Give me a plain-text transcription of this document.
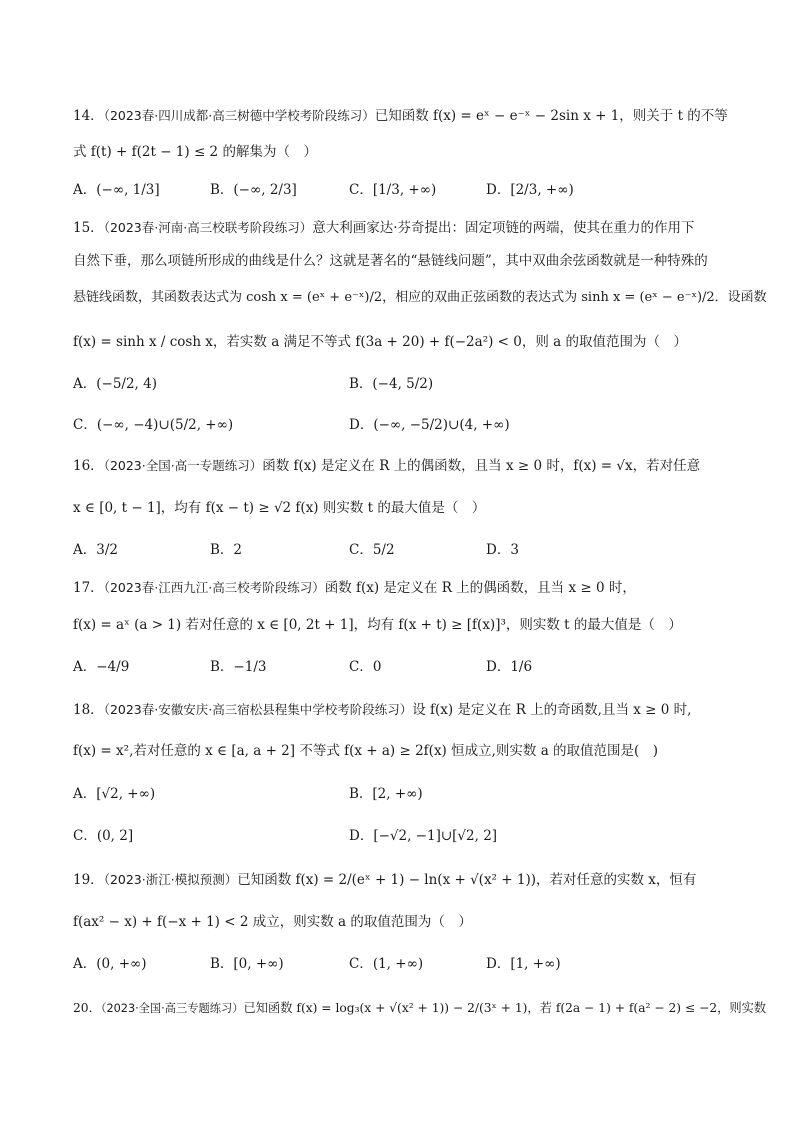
14．（2023春·四川成都·高三树德中学校考阶段练习）已知函数 f(x) = eˣ − e⁻ˣ − 2sin x + 1，则关于 t 的不等
式 f(t) + f(2t − 1) ≤ 2 的解集为（　）
A．(−∞, 1/3]	B．(−∞, 2/3]	C．[1/3, +∞)	D．[2/3, +∞)
15．（2023春·河南·高三校联考阶段练习）意大利画家达·芬奇提出：固定项链的两端，使其在重力的作用下
自然下垂，那么项链所形成的曲线是什么？这就是著名的“悬链线问题”，其中双曲余弦函数就是一种特殊的
悬链线函数，其函数表达式为 cosh x = (eˣ + e⁻ˣ)/2，相应的双曲正弦函数的表达式为 sinh x = (eˣ − e⁻ˣ)/2．设函数
f(x) = sinh x / cosh x，若实数 a 满足不等式 f(3a + 20) + f(−2a²) < 0，则 a 的取值范围为（　）
A．(−5/2, 4)	B．(−4, 5/2)
C．(−∞, −4)∪(5/2, +∞)	D．(−∞, −5/2)∪(4, +∞)
16．（2023·全国·高一专题练习）函数 f(x) 是定义在 R 上的偶函数，且当 x ≥ 0 时，f(x) = √x，若对任意
x ∈ [0, t − 1]，均有 f(x − t) ≥ √2 f(x) 则实数 t 的最大值是（　）
A．3/2	B．2	C．5/2	D．3
17．（2023春·江西九江·高三校考阶段练习）函数 f(x) 是定义在 R 上的偶函数，且当 x ≥ 0 时，
f(x) = aˣ (a > 1) 若对任意的 x ∈ [0, 2t + 1]，均有 f(x + t) ≥ [f(x)]³，则实数 t 的最大值是（　）
A．−4/9	B．−1/3	C．0	D．1/6
18．（2023春·安徽安庆·高三宿松县程集中学校考阶段练习）设 f(x) 是定义在 R 上的奇函数,且当 x ≥ 0 时,
f(x) = x²,若对任意的 x ∈ [a, a + 2] 不等式 f(x + a) ≥ 2f(x) 恒成立,则实数 a 的取值范围是(　)
A．[√2, +∞)	B．[2, +∞)
C．(0, 2]	D．[−√2, −1]∪[√2, 2]
19．（2023·浙江·模拟预测）已知函数 f(x) = 2/(eˣ + 1) − ln(x + √(x² + 1))，若对任意的实数 x，恒有
f(ax² − x) + f(−x + 1) < 2 成立，则实数 a 的取值范围为（　）
A．(0, +∞)	B．[0, +∞)	C．(1, +∞)	D．[1, +∞)
20．（2023·全国·高三专题练习）已知函数 f(x) = log₃(x + √(x² + 1)) − 2/(3ˣ + 1)，若 f(2a − 1) + f(a² − 2) ≤ −2，则实数
